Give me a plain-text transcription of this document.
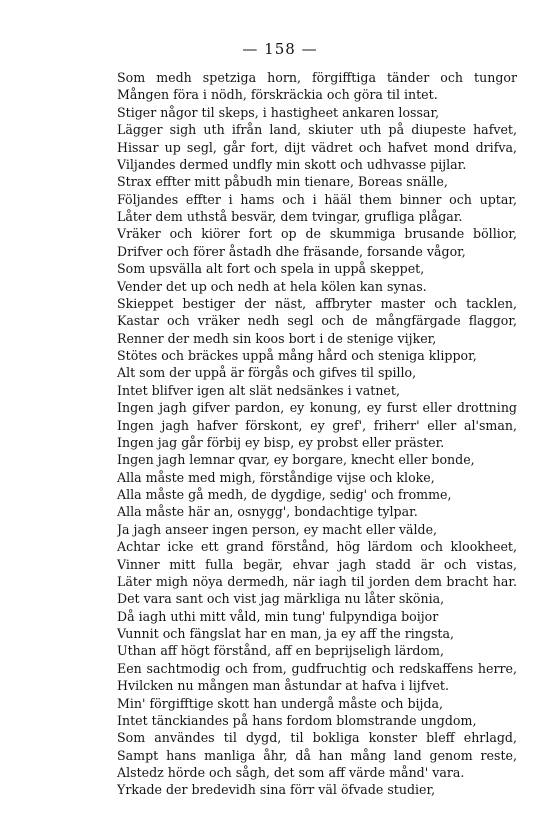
— 158 —
Som medh spetziga horn, förgifftiga tänder och tungor
Mången föra i nödh, förskräckia och göra til intet.
Stiger någor til skeps, i hastigheet ankaren lossar,
Lägger sigh uth ifrån land, skiuter uth på diupeste hafvet,
Hissar up segl, går fort, dijt vädret och hafvet mond drifva,
Viljandes dermed undfly min skott och udhvasse pijlar.
Strax effter mitt påbudh min tienare, Boreas snälle,
Följandes effter i hams och i hääl them binner och uptar,
Låter dem uthstå besvär, dem tvingar, grufliga plågar.
Vräker och kiörer fort op de skummiga brusande böllior,
Drifver och förer åstadh dhe fräsande, forsande vågor,
Som upsvälla alt fort och spela in uppå skeppet,
Vender det up och nedh at hela kölen kan synas.
Skieppet bestiger der näst, affbryter master och tacklen,
Kastar och vräker nedh segl och de mångfärgade flaggor,
Renner der medh sin koos bort i de stenige vijker,
Stötes och bräckes uppå mång hård och steniga klippor,
Alt som der uppå är förgås och gifves til spillo,
Intet blifver igen alt slät nedsänkes i vatnet,
Ingen jagh gifver pardon, ey konung, ey furst eller drottning
Ingen jagh hafver förskont, ey gref', friherr' eller al'sman,
Ingen jag går förbij ey bisp, ey probst eller präster.
Ingen jagh lemnar qvar, ey borgare, knecht eller bonde,
Alla måste med migh, förståndige vijse och kloke,
Alla måste gå medh, de dygdige, sedig' och fromme,
Alla måste här an, osnygg', bondachtige tylpar.
Ja jagh anseer ingen person, ey macht eller välde,
Achtar icke ett grand förstånd, hög lärdom och klookheet,
Vinner mitt fulla begär, ehvar jagh stadd är och vistas,
Läter migh nöya dermedh, när iagh til jorden dem bracht har.
Det vara sant och vist jag märkliga nu låter skönia,
Då iagh uthi mitt våld, min tung' fulpyndiga boijor
Vunnit och fängslat har en man, ja ey aff the ringsta,
Uthan aff högt förstånd, aff en beprijseligh lärdom,
Een sachtmodig och from, gudfruchtig och redskaffens herre,
Hvilcken nu mången man åstundar at hafva i lijfvet.
Min' förgifftige skott han undergå måste och bijda,
Intet tänckiandes på hans fordom blomstrande ungdom,
Som användes til dygd, til bokliga konster bleff ehrlagd,
Sampt hans manliga åhr, då han mång land genom reste,
Alstedz hörde och sågh, det som aff värde månd' vara.
Yrkade der bredevidh sina förr väl öfvade studier,
